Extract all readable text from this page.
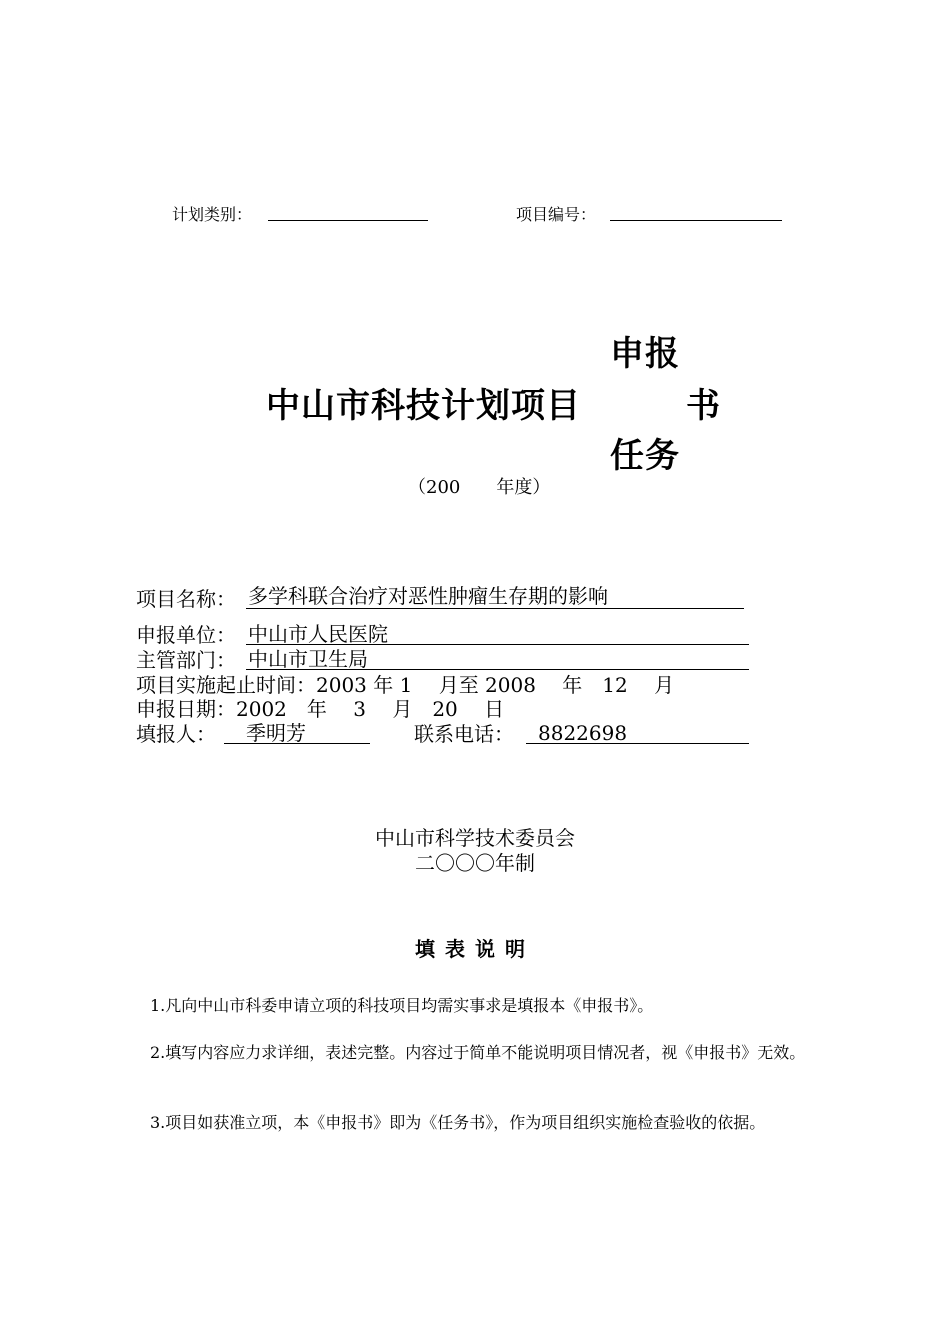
计划类别：	项目编号：
申报
中山市科技计划项目	书
任务
（200　　年度）
项目名称： 多学科联合治疗对恶性肿瘤生存期的影响
申报单位： 中山市人民医院
主管部门： 中山市卫生局
项目实施起止时间：2003 年 1　 月至 2008　 年　12　 月
申报日期：2002　年　 3　 月　20　 日
填报人： 季明芳	联系电话： 8822698
中山市科学技术委员会
二〇〇〇年制
填表说明
1.凡向中山市科委申请立项的科技项目均需实事求是填报本《申报书》。
2.填写内容应力求详细，表述完整。内容过于简单不能说明项目情况者，视《申报书》无效。
3.项目如获准立项，本《申报书》即为《任务书》，作为项目组织实施检查验收的依据。
